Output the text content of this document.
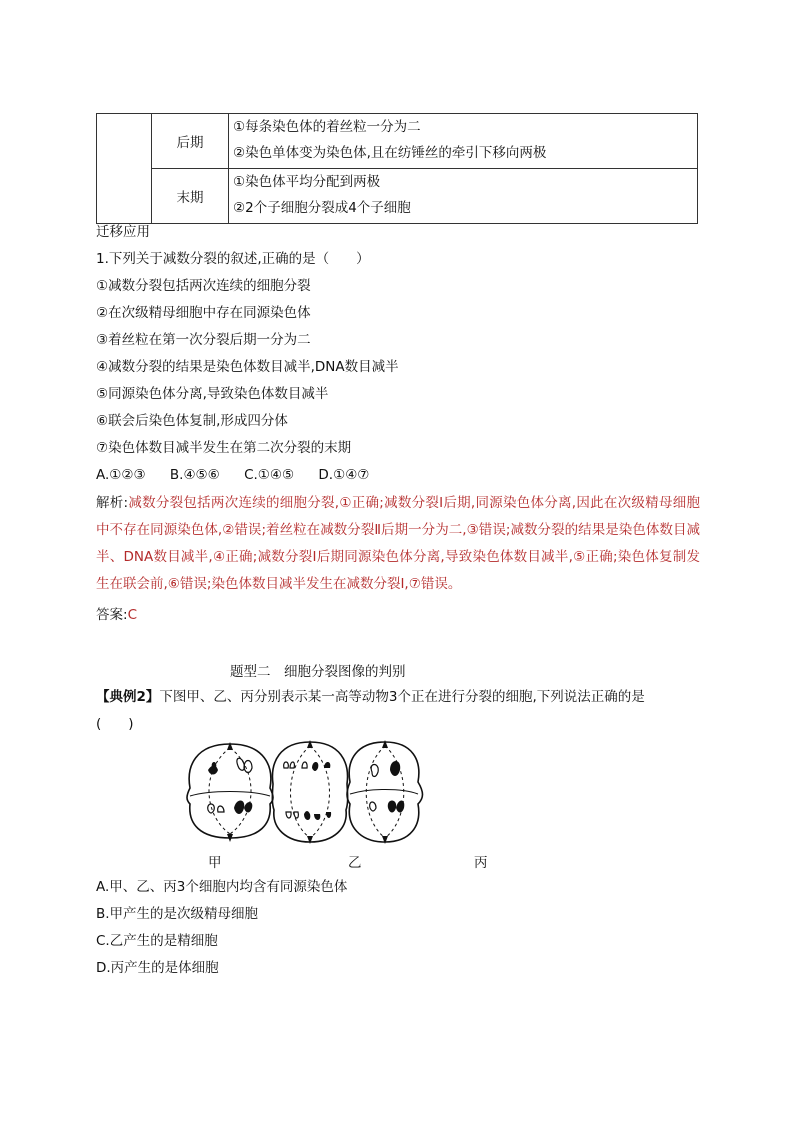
	后期	①每条染色体的着丝粒一分为二
②染色单体变为染色体,且在纺锤丝的牵引下移向两极

	末期	①染色体平均分配到两极
②2个子细胞分裂成4个子细胞
迁移应用
1.下列关于减数分裂的叙述,正确的是（　　）
①减数分裂包括两次连续的细胞分裂
②在次级精母细胞中存在同源染色体
③着丝粒在第一次分裂后期一分为二
④减数分裂的结果是染色体数目减半,DNA数目减半
⑤同源染色体分离,导致染色体数目减半
⑥联会后染色体复制,形成四分体
⑦染色体数目减半发生在第二次分裂的末期
A.①②③ B.④⑤⑥ C.①④⑤ D.①④⑦
解析:减数分裂包括两次连续的细胞分裂,①正确;减数分裂Ⅰ后期,同源染色体分离,因此在次级精母细胞中不存在同源染色体,②错误;着丝粒在减数分裂Ⅱ后期一分为二,③错误;减数分裂的结果是染色体数目减半、DNA数目减半,④正确;减数分裂Ⅰ后期同源染色体分离,导致染色体数目减半,⑤正确;染色体复制发生在联会前,⑥错误;染色体数目减半发生在减数分裂Ⅰ,⑦错误。
答案:C
题型二　细胞分裂图像的判别
【典例2】下图甲、乙、丙分别表示某一高等动物3个正在进行分裂的细胞,下列说法正确的是
(　　)
甲	乙	丙
A.甲、乙、丙3个细胞内均含有同源染色体
B.甲产生的是次级精母细胞
C.乙产生的是精细胞
D.丙产生的是体细胞
